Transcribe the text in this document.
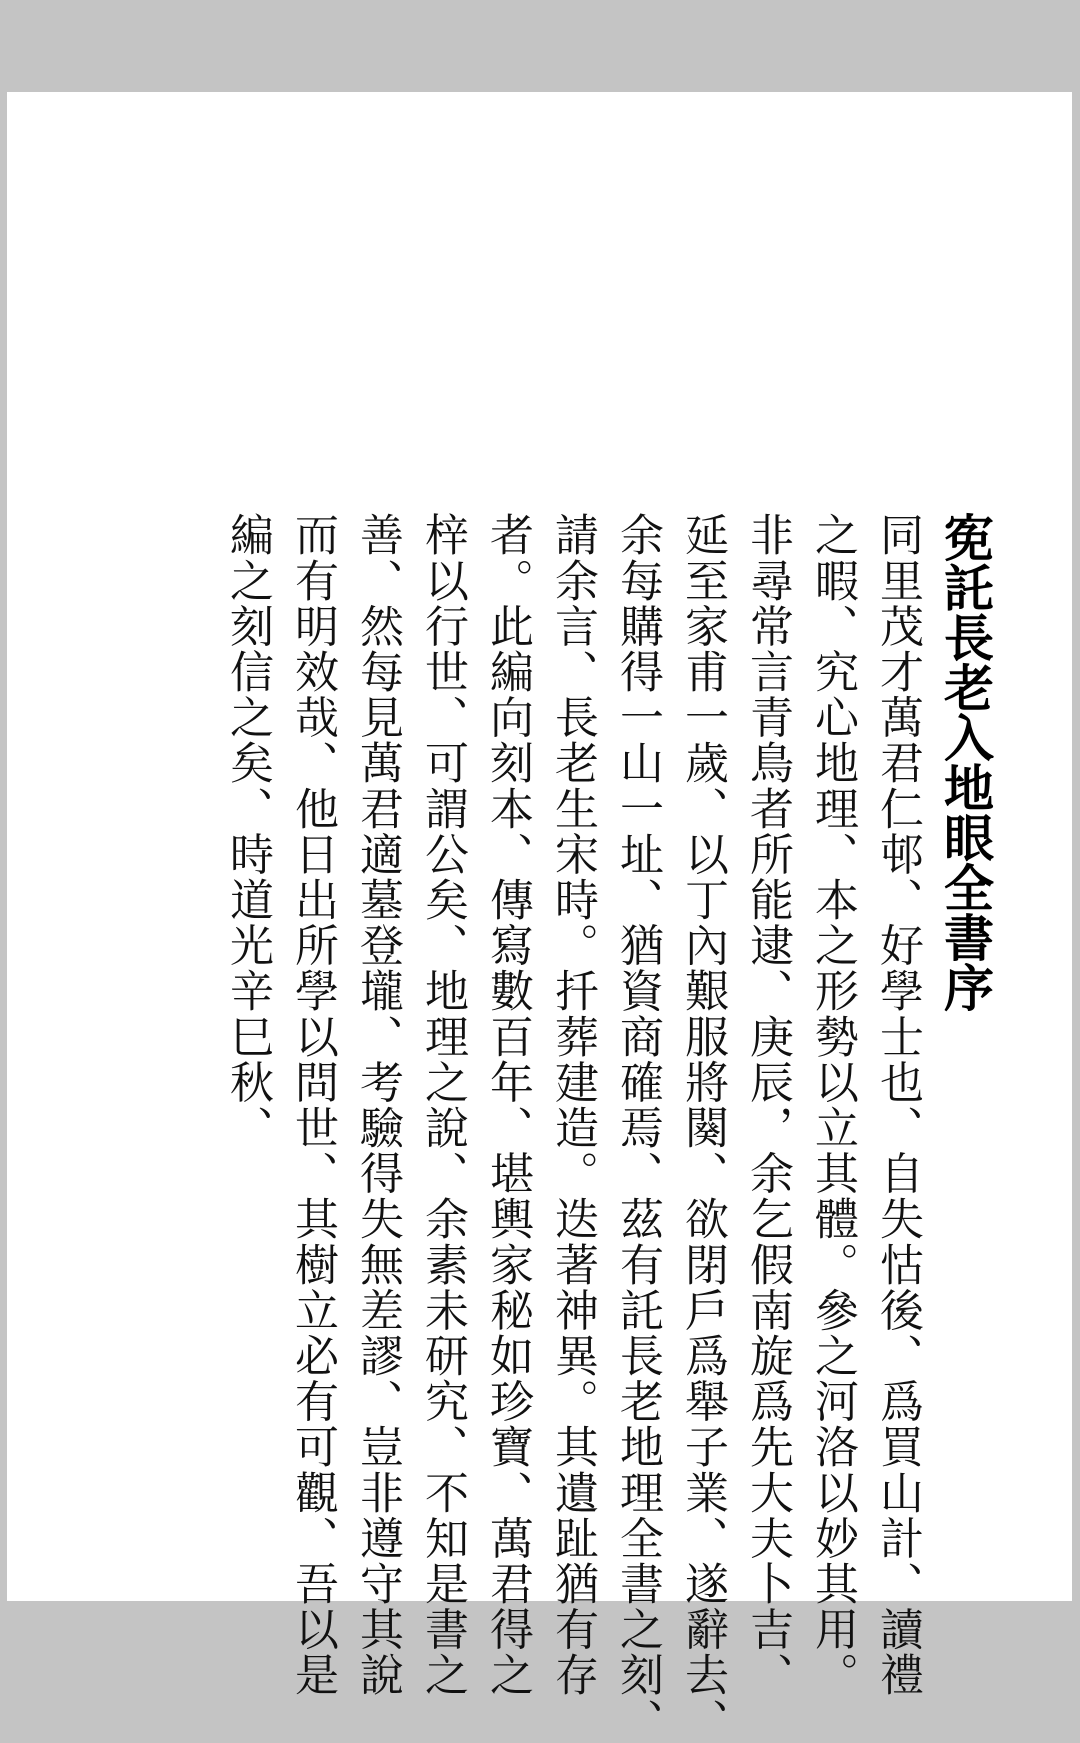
𡨚託長老入地眼全書序

同里茂才萬君仁邨、好學士也、自失怙後、爲買山計、讀禮

之暇、究心地理、本之形勢以立其體。參之河洛以妙其用。

非尋常言青鳥者所能逮、庚辰，余乞假南旋爲先大夫卜吉、

延至家甫一歲、以丁內艱服將闋、欲閉戶爲舉子業、遂辭去、

余每購得一山一址、猶資商確焉、茲有託長老地理全書之刻、

請余言、長老生宋時。扦葬建造。迭著神異。其遺趾猶有存

者。此編向刻本、傳寫數百年、堪輿家秘如珍寶、萬君得之

梓以行世、可謂公矣、地理之說、余素未研究、不知是書之

善、然每見萬君適墓登壠、考驗得失無差謬、豈非遵守其說

而有明效哉、他日出所學以問世、其樹立必有可觀、吾以是

編之刻信之矣、時道光辛巳秋、
